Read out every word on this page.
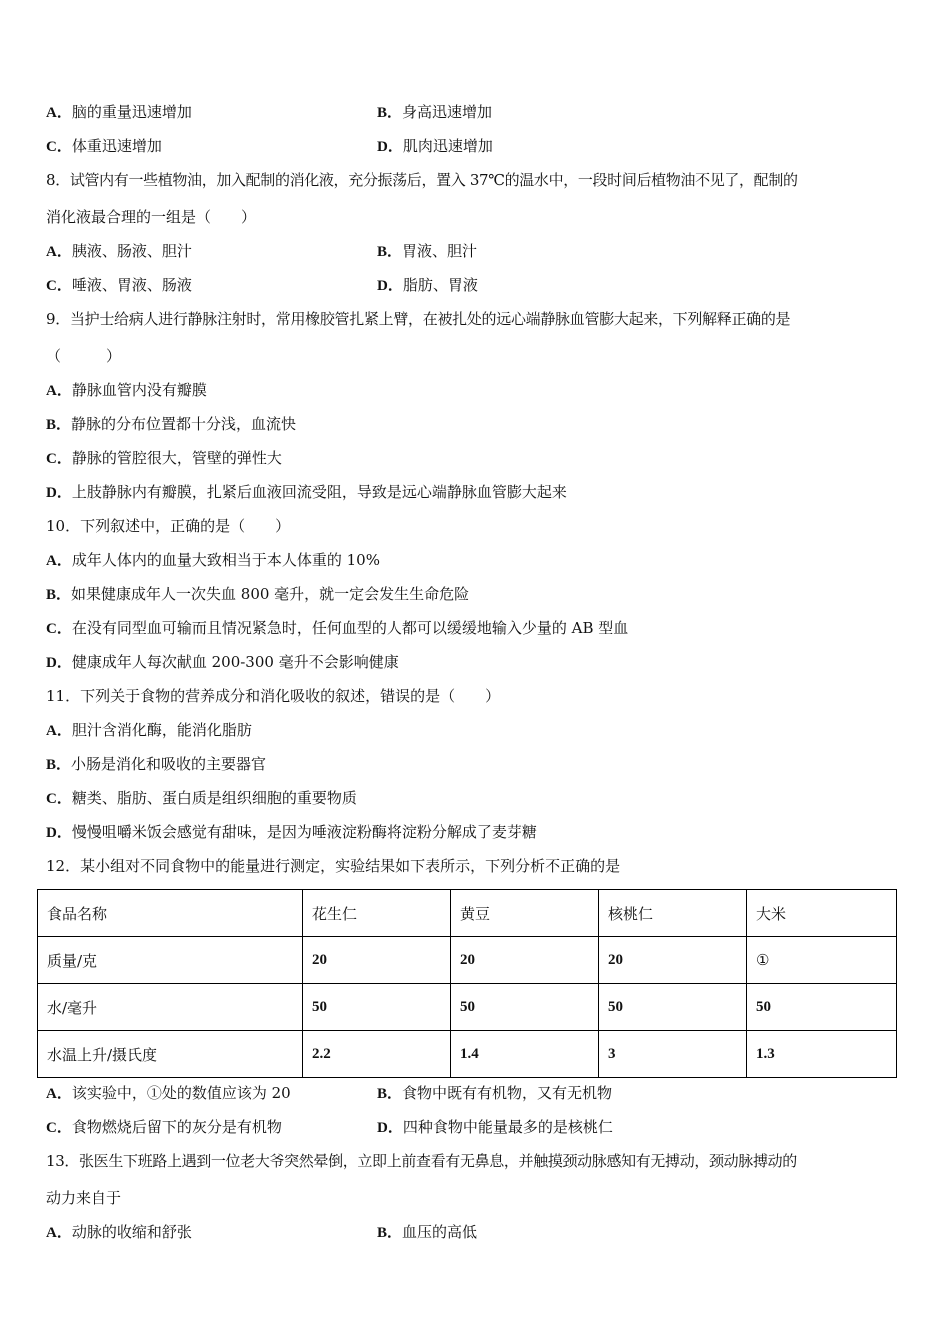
A．脑的重量迅速增加	B．身高迅速增加
C．体重迅速增加	D．肌肉迅速增加
8．试管内有一些植物油，加入配制的消化液，充分振荡后，置入 37℃的温水中，一段时间后植物油不见了，配制的
消化液最合理的一组是（　　）
A．胰液、肠液、胆汁	B．胃液、胆汁
C．唾液、胃液、肠液	D．脂肪、胃液
9．当护士给病人进行静脉注射时，常用橡胶管扎紧上臂，在被扎处的远心端静脉血管膨大起来，下列解释正确的是
（　　　）
A．静脉血管内没有瓣膜
B．静脉的分布位置都十分浅，血流快
C．静脉的管腔很大，管壁的弹性大
D．上肢静脉内有瓣膜，扎紧后血液回流受阻，导致是远心端静脉血管膨大起来
10．下列叙述中，正确的是（　　）
A．成年人体内的血量大致相当于本人体重的 10%
B．如果健康成年人一次失血 800 毫升，就一定会发生生命危险
C．在没有同型血可输而且情况紧急时，任何血型的人都可以缓缓地输入少量的 AB 型血
D．健康成年人每次献血 200-300 毫升不会影响健康
11．下列关于食物的营养成分和消化吸收的叙述，错误的是（　　）
A．胆汁含消化酶，能消化脂肪
B．小肠是消化和吸收的主要器官
C．糖类、脂肪、蛋白质是组织细胞的重要物质
D．慢慢咀嚼米饭会感觉有甜味，是因为唾液淀粉酶将淀粉分解成了麦芽糖
12．某小组对不同食物中的能量进行测定，实验结果如下表所示，下列分析不正确的是
食品名称	花生仁	黄豆	核桃仁	大米
质量/克	20	20	20	①
水/毫升	50	50	50	50
水温上升/摄氏度	2.2	1.4	3	1.3
A．该实验中，①处的数值应该为 20	B．食物中既有有机物，又有无机物
C．食物燃烧后留下的灰分是有机物	D．四种食物中能量最多的是核桃仁
13．张医生下班路上遇到一位老大爷突然晕倒，立即上前查看有无鼻息，并触摸颈动脉感知有无搏动，颈动脉搏动的
动力来自于
A．动脉的收缩和舒张	B．血压的高低
